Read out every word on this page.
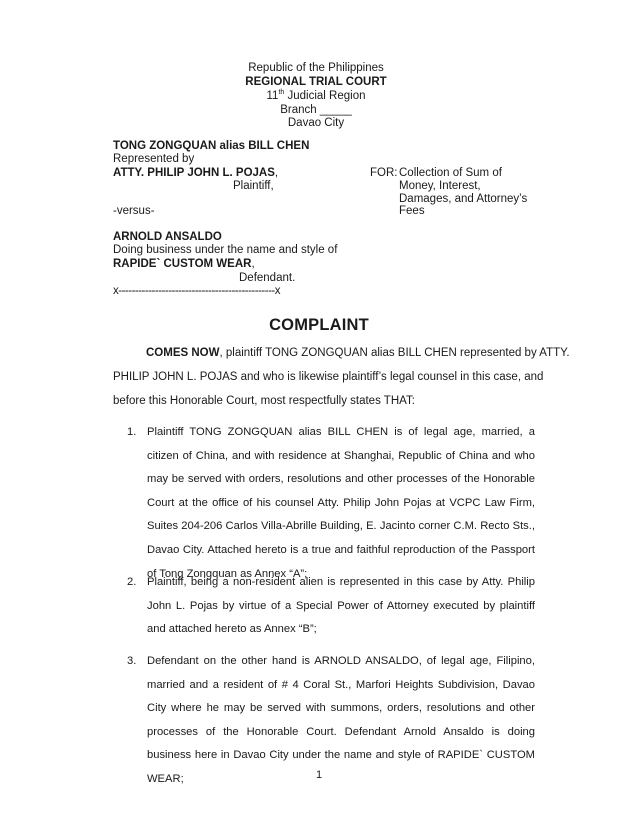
Republic of the Philippines
REGIONAL TRIAL COURT
11th Judicial Region
Branch _____
Davao City
TONG ZONGQUAN alias BILL CHEN
Represented by
ATTY. PHILIP JOHN L. POJAS,
Plaintiff,
-versus-
ARNOLD ANSALDO
Doing business under the name and style of
RAPIDE` CUSTOM WEAR,
Defendant.
x-----------------------------------------------x
FOR: Collection of Sum of
Money, Interest,
Damages, and Attorney’s
Fees
COMPLAINT
COMES NOW, plaintiff TONG ZONGQUAN alias BILL CHEN represented by ATTY.
PHILIP JOHN L. POJAS and who is likewise plaintiff’s legal counsel in this case, and
before this Honorable Court, most respectfully states THAT:
1. Plaintiff TONG ZONGQUAN alias BILL CHEN is of legal age, married, a citizen of China, and with residence at Shanghai, Republic of China and who may be served with orders, resolutions and other processes of the Honorable Court at the office of his counsel Atty. Philip John Pojas at VCPC Law Firm, Suites 204-206 Carlos Villa-Abrille Building, E. Jacinto corner C.M. Recto Sts., Davao City. Attached hereto is a true and faithful reproduction of the Passport of Tong Zongquan as Annex “A”;
2. Plaintiff, being a non-resident alien is represented in this case by Atty. Philip John L. Pojas by virtue of a Special Power of Attorney executed by plaintiff and attached hereto as Annex “B”;
3. Defendant on the other hand is ARNOLD ANSALDO, of legal age, Filipino, married and a resident of # 4 Coral St., Marfori Heights Subdivision, Davao City where he may be served with summons, orders, resolutions and other processes of the Honorable Court. Defendant Arnold Ansaldo is doing business here in Davao City under the name and style of RAPIDE` CUSTOM WEAR;	1
